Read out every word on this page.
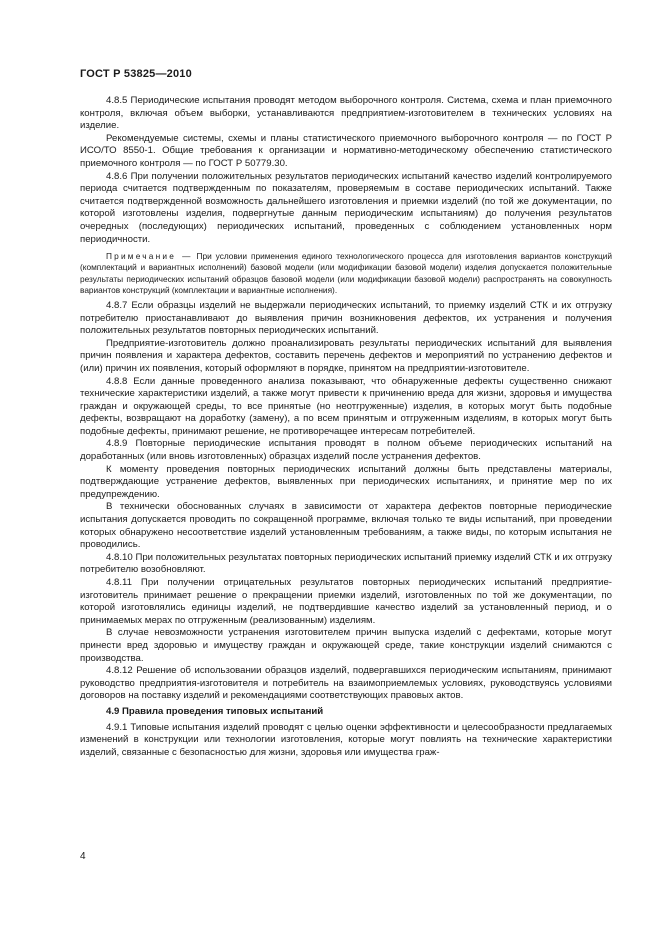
ГОСТ Р 53825—2010

4.8.5 Периодические испытания проводят методом выборочного контроля. Система, схема и план приемочного контроля, включая объем выборки, устанавливаются предприятием-изготовителем в технических условиях на изделие.

Рекомендуемые системы, схемы и планы статистического приемочного выборочного контроля — по ГОСТ Р ИСО/ТО 8550-1. Общие требования к организации и нормативно-методическому обеспечению статистического приемочного контроля — по ГОСТ Р 50779.30.

4.8.6 При получении положительных результатов периодических испытаний качество изделий контролируемого периода считается подтвержденным по показателям, проверяемым в составе периодических испытаний. Также считается подтвержденной возможность дальнейшего изготовления и приемки изделий (по той же документации, по которой изготовлены изделия, подвергнутые данным периодическим испытаниям) до получения результатов очередных (последующих) периодических испытаний, проведенных с соблюдением установленных норм периодичности.

Примечание — При условии применения единого технологического процесса для изготовления вариантов конструкций (комплектаций и вариантных исполнений) базовой модели (или модификации базовой модели) изделия допускается положительные результаты периодических испытаний образцов базовой модели (или модификации базовой модели) распространять на совокупность вариантов конструкций (комплектации и вариантные исполнения).

4.8.7 Если образцы изделий не выдержали периодических испытаний, то приемку изделий СТК и их отгрузку потребителю приостанавливают до выявления причин возникновения дефектов, их устранения и получения положительных результатов повторных периодических испытаний.

Предприятие-изготовитель должно проанализировать результаты периодических испытаний для выявления причин появления и характера дефектов, составить перечень дефектов и мероприятий по устранению дефектов и (или) причин их появления, который оформляют в порядке, принятом на предприятии-изготовителе.

4.8.8 Если данные проведенного анализа показывают, что обнаруженные дефекты существенно снижают технические характеристики изделий, а также могут привести к причинению вреда для жизни, здоровья и имущества граждан и окружающей среды, то все принятые (но неотгруженные) изделия, в которых могут быть подобные дефекты, возвращают на доработку (замену), а по всем принятым и отгруженным изделиям, в которых могут быть подобные дефекты, принимают решение, не противоречащее интересам потребителей.

4.8.9 Повторные периодические испытания проводят в полном объеме периодических испытаний на доработанных (или вновь изготовленных) образцах изделий после устранения дефектов.

К моменту проведения повторных периодических испытаний должны быть представлены материалы, подтверждающие устранение дефектов, выявленных при периодических испытаниях, и принятие мер по их предупреждению.

В технически обоснованных случаях в зависимости от характера дефектов повторные периодические испытания допускается проводить по сокращенной программе, включая только те виды испытаний, при проведении которых обнаружено несоответствие изделий установленным требованиям, а также виды, по которым испытания не проводились.

4.8.10 При положительных результатах повторных периодических испытаний приемку изделий СТК и их отгрузку потребителю возобновляют.

4.8.11 При получении отрицательных результатов повторных периодических испытаний предприятие-изготовитель принимает решение о прекращении приемки изделий, изготовленных по той же документации, по которой изготовлялись единицы изделий, не подтвердившие качество изделий за установленный период, и о принимаемых мерах по отгруженным (реализованным) изделиям.

В случае невозможности устранения изготовителем причин выпуска изделий с дефектами, которые могут принести вред здоровью и имуществу граждан и окружающей среде, такие конструкции изделий снимаются с производства.

4.8.12 Решение об использовании образцов изделий, подвергавшихся периодическим испытаниям, принимают руководство предприятия-изготовителя и потребитель на взаимоприемлемых условиях, руководствуясь условиями договоров на поставку изделий и рекомендациями соответствующих правовых актов.

4.9 Правила проведения типовых испытаний

4.9.1 Типовые испытания изделий проводят с целью оценки эффективности и целесообразности предлагаемых изменений в конструкции или технологии изготовления, которые могут повлиять на технические характеристики изделий, связанные с безопасностью для жизни, здоровья или имущества граж-

4
